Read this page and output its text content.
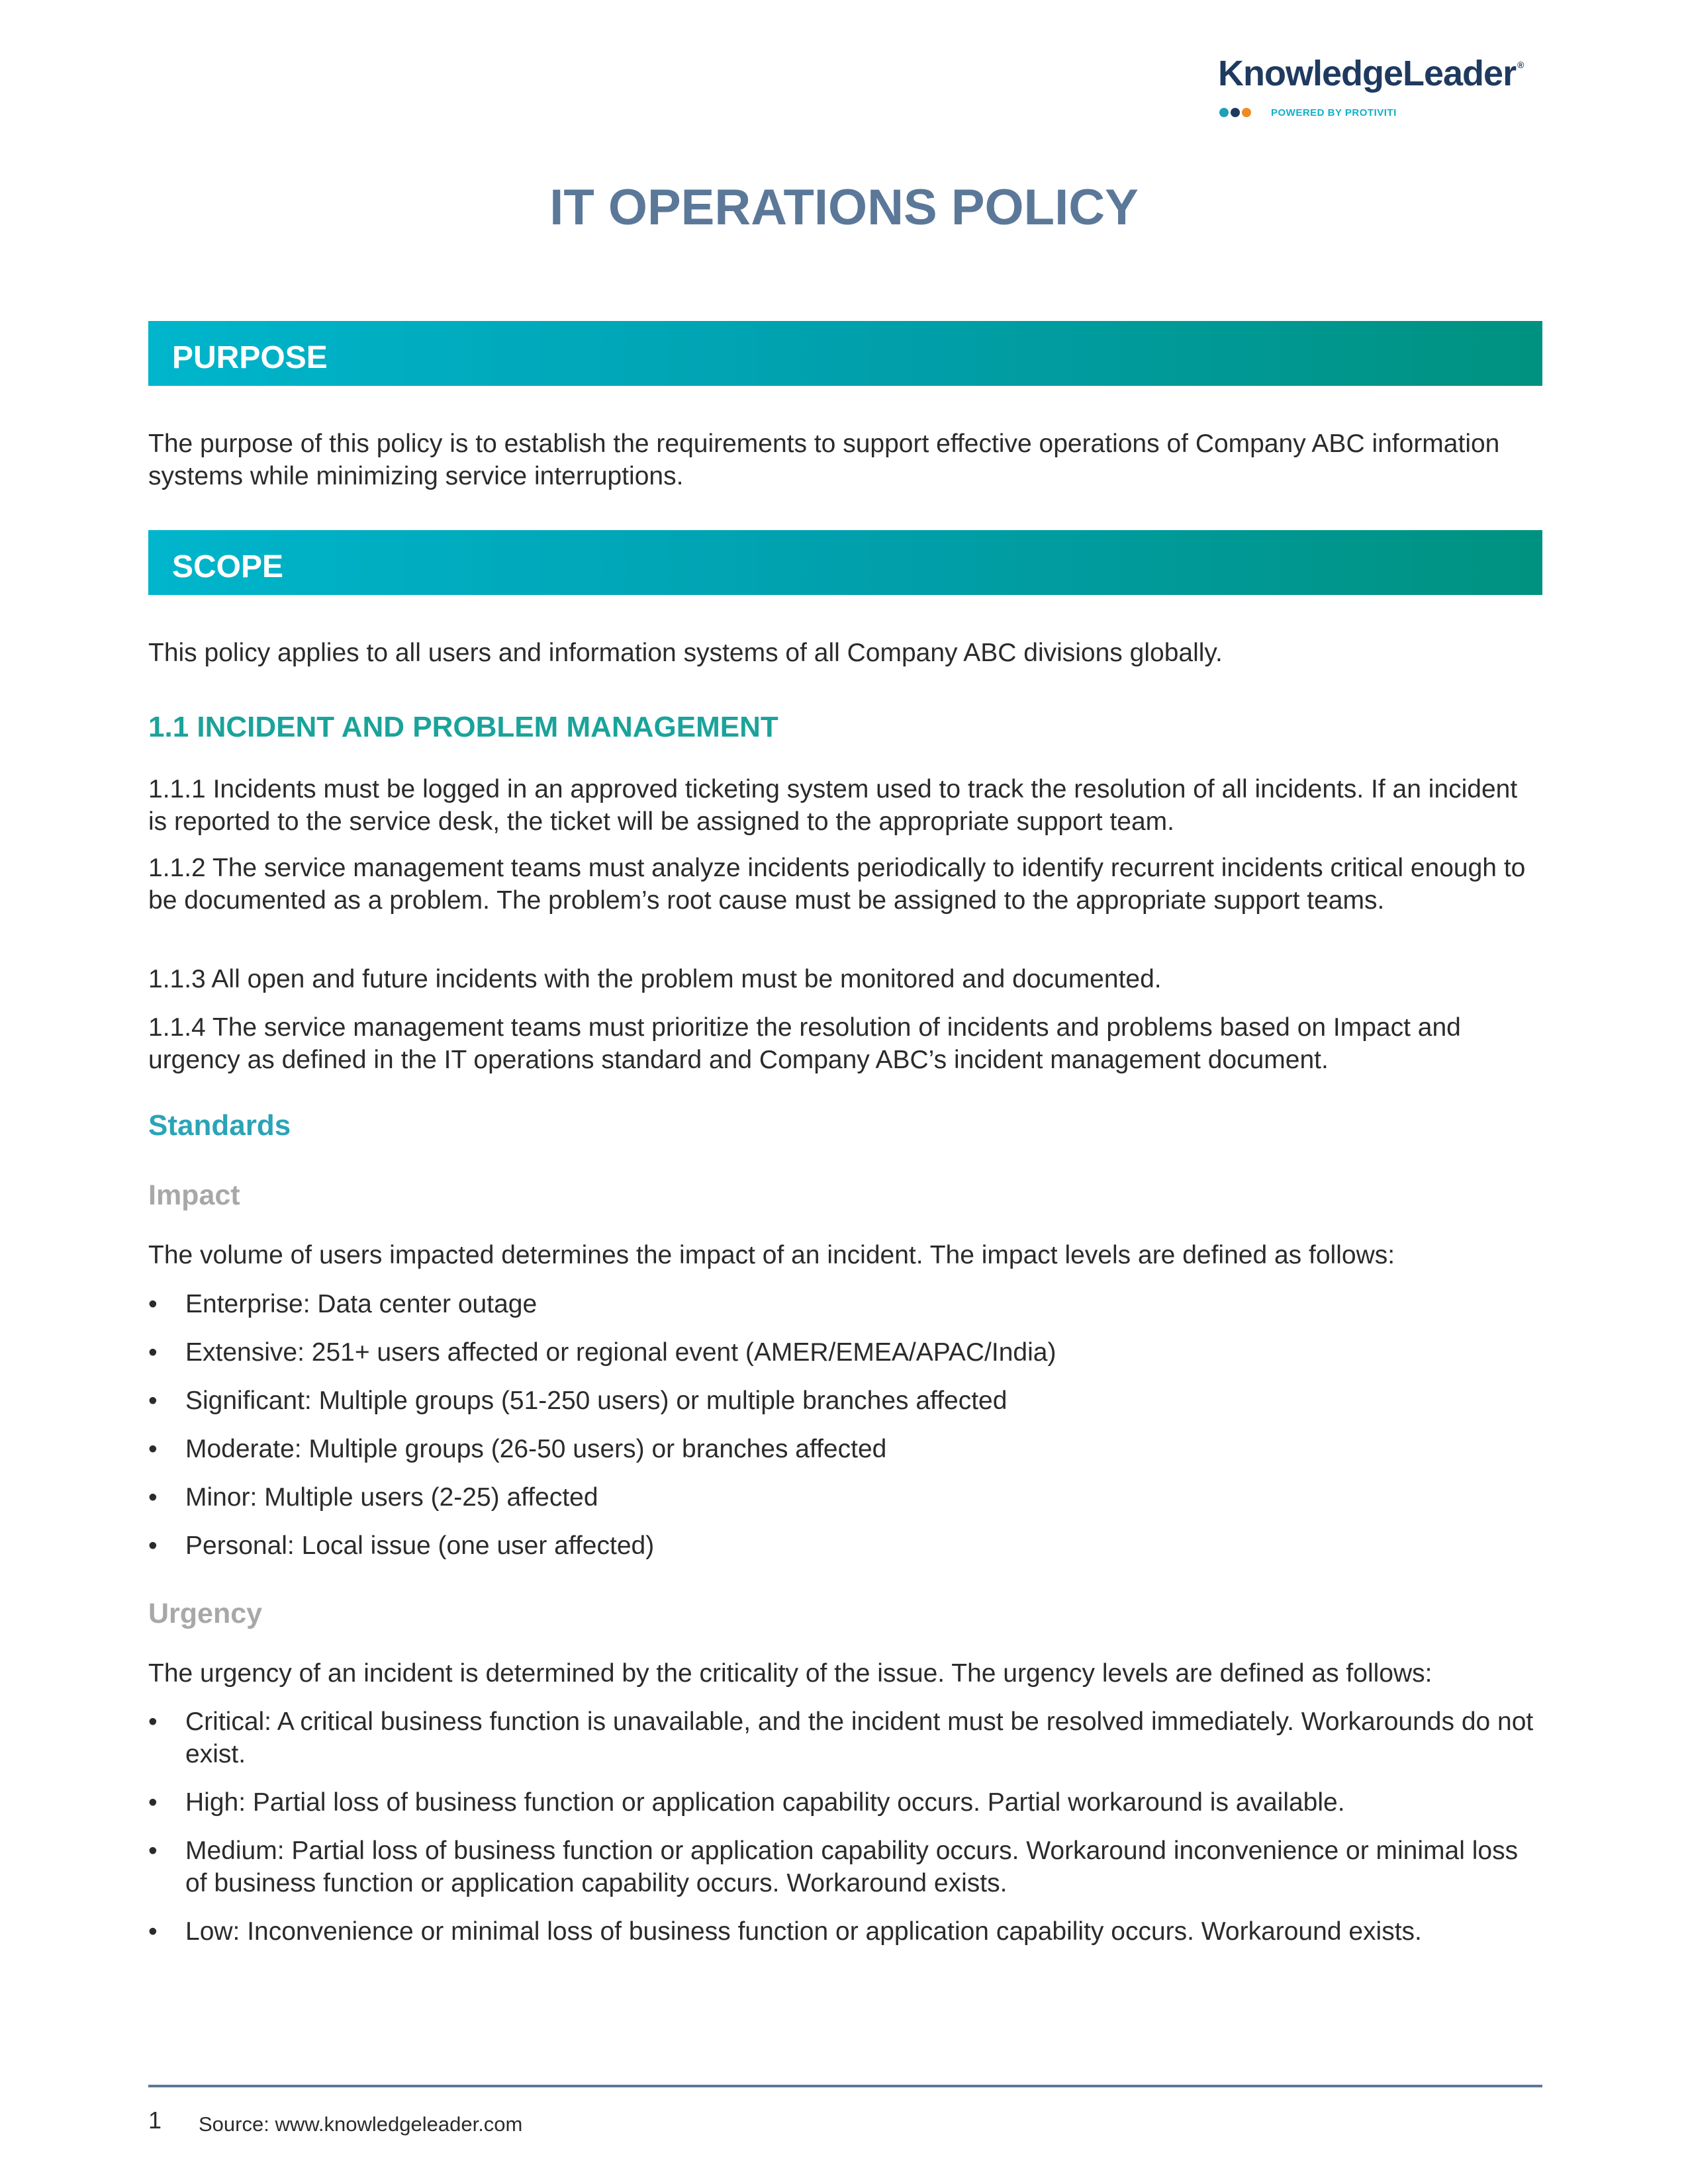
KnowledgeLeader ®
POWERED BY PROTIVITI
IT OPERATIONS POLICY
PURPOSE

The purpose of this policy is to establish the requirements to support effective operations of Company ABC information systems while minimizing service interruptions.

SCOPE

This policy applies to all users and information systems of all Company ABC divisions globally.

1.1 INCIDENT AND PROBLEM MANAGEMENT

1.1.1 Incidents must be logged in an approved ticketing system used to track the resolution of all incidents. If an incident is reported to the service desk, the ticket will be assigned to the appropriate support team.

1.1.2 The service management teams must analyze incidents periodically to identify recurrent incidents critical enough to be documented as a problem. The problem’s root cause must be assigned to the appropriate support teams.

1.1.3 All open and future incidents with the problem must be monitored and documented.

1.1.4 The service management teams must prioritize the resolution of incidents and problems based on Impact and urgency as defined in the IT operations standard and Company ABC’s incident management document.

Standards
Impact

The volume of users impacted determines the impact of an incident. The impact levels are defined as follows:

• Enterprise: Data center outage
• Extensive: 251+ users affected or regional event (AMER/EMEA/APAC/India)
• Significant: Multiple groups (51-250 users) or multiple branches affected
• Moderate: Multiple groups (26-50 users) or branches affected
• Minor: Multiple users (2-25) affected
• Personal: Local issue (one user affected)
Urgency

The urgency of an incident is determined by the criticality of the issue. The urgency levels are defined as follows:

• Critical: A critical business function is unavailable, and the incident must be resolved immediately. Workarounds do not exist.
• High: Partial loss of business function or application capability occurs. Partial workaround is available.
• Medium: Partial loss of business function or application capability occurs. Workaround inconvenience or minimal loss of business function or application capability occurs. Workaround exists.
• Low: Inconvenience or minimal loss of business function or application capability occurs. Workaround exists.
1 Source: www.knowledgeleader.com
